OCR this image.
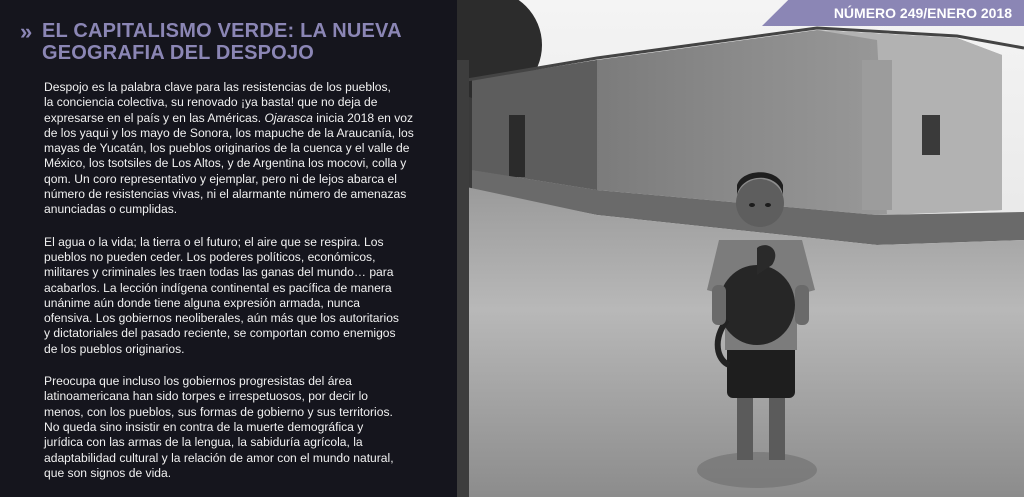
» EL CAPITALISMO VERDE: LA NUEVA
GEOGRAFIA DEL DESPOJO
Despojo es la palabra clave para las resistencias de los pueblos,
la conciencia colectiva, su renovado ¡ya basta! que no deja de
expresarse en el país y en las Américas. Ojarasca inicia 2018 en voz
de los yaqui y los mayo de Sonora, los mapuche de la Araucanía, los
mayas de Yucatán, los pueblos originarios de la cuenca y el valle de
México, los tsotsiles de Los Altos, y de Argentina los mocovi, colla y
qom. Un coro representativo y ejemplar, pero ni de lejos abarca el
número de resistencias vivas, ni el alarmante número de amenazas
anunciadas o cumplidas.
El agua o la vida; la tierra o el futuro; el aire que se respira. Los
pueblos no pueden ceder. Los poderes políticos, económicos,
militares y criminales les traen todas las ganas del mundo… para
acabarlos. La lección indígena continental es pacífica de manera
unánime aún donde tiene alguna expresión armada, nunca
ofensiva. Los gobiernos neoliberales, aún más que los autoritarios
y dictatoriales del pasado reciente, se comportan como enemigos
de los pueblos originarios.
Preocupa que incluso los gobiernos progresistas del área
latinoamericana han sido torpes e irrespetuosos, por decir lo
menos, con los pueblos, sus formas de gobierno y sus territorios.
No queda sino insistir en contra de la muerte demográfica y
jurídica con las armas de la lengua, la sabiduría agrícola, la
adaptabilidad cultural y la relación de amor con el mundo natural,
que son signos de vida.
NÚMERO 249/ENERO 2018
